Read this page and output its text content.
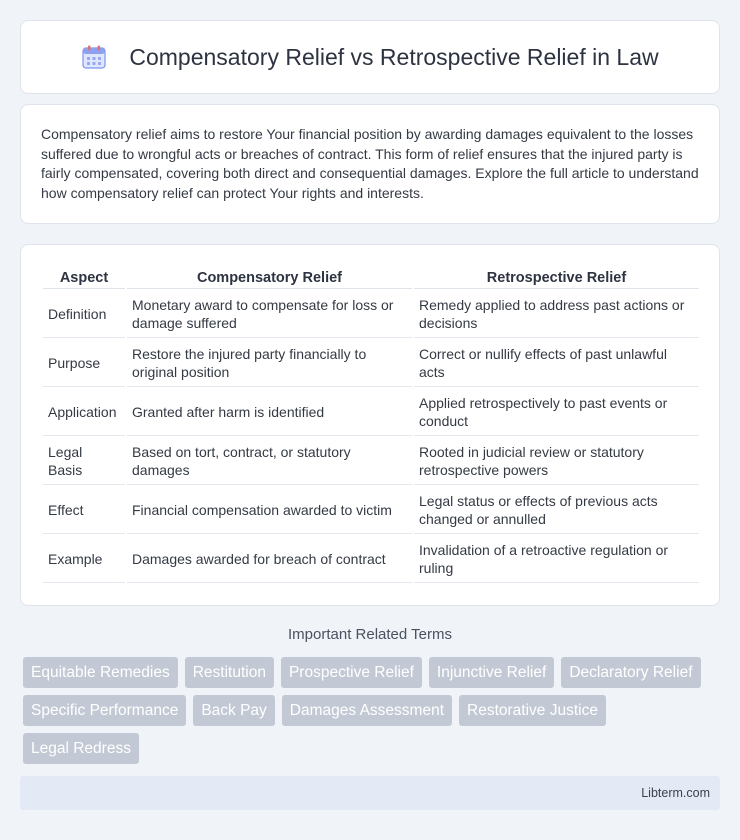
Compensatory Relief vs Retrospective Relief in Law

Compensatory relief aims to restore Your financial position by awarding damages equivalent to the losses suffered due to wrongful acts or breaches of contract. This form of relief ensures that the injured party is fairly compensated, covering both direct and consequential damages. Explore the full article to understand how compensatory relief can protect Your rights and interests.

Aspect	Compensatory Relief	Retrospective Relief
Definition	Monetary award to compensate for loss or damage suffered	Remedy applied to address past actions or decisions
Purpose	Restore the injured party financially to original position	Correct or nullify effects of past unlawful acts
Application	Granted after harm is identified	Applied retrospectively to past events or conduct
Legal Basis	Based on tort, contract, or statutory damages	Rooted in judicial review or statutory retrospective powers
Effect	Financial compensation awarded to victim	Legal status or effects of previous acts changed or annulled
Example	Damages awarded for breach of contract	Invalidation of a retroactive regulation or ruling
Important Related Terms
Equitable Remedies	Restitution	Prospective Relief	Injunctive Relief	Declaratory Relief
Specific Performance	Back Pay	Damages Assessment	Restorative Justice
Legal Redress
Libterm.com
